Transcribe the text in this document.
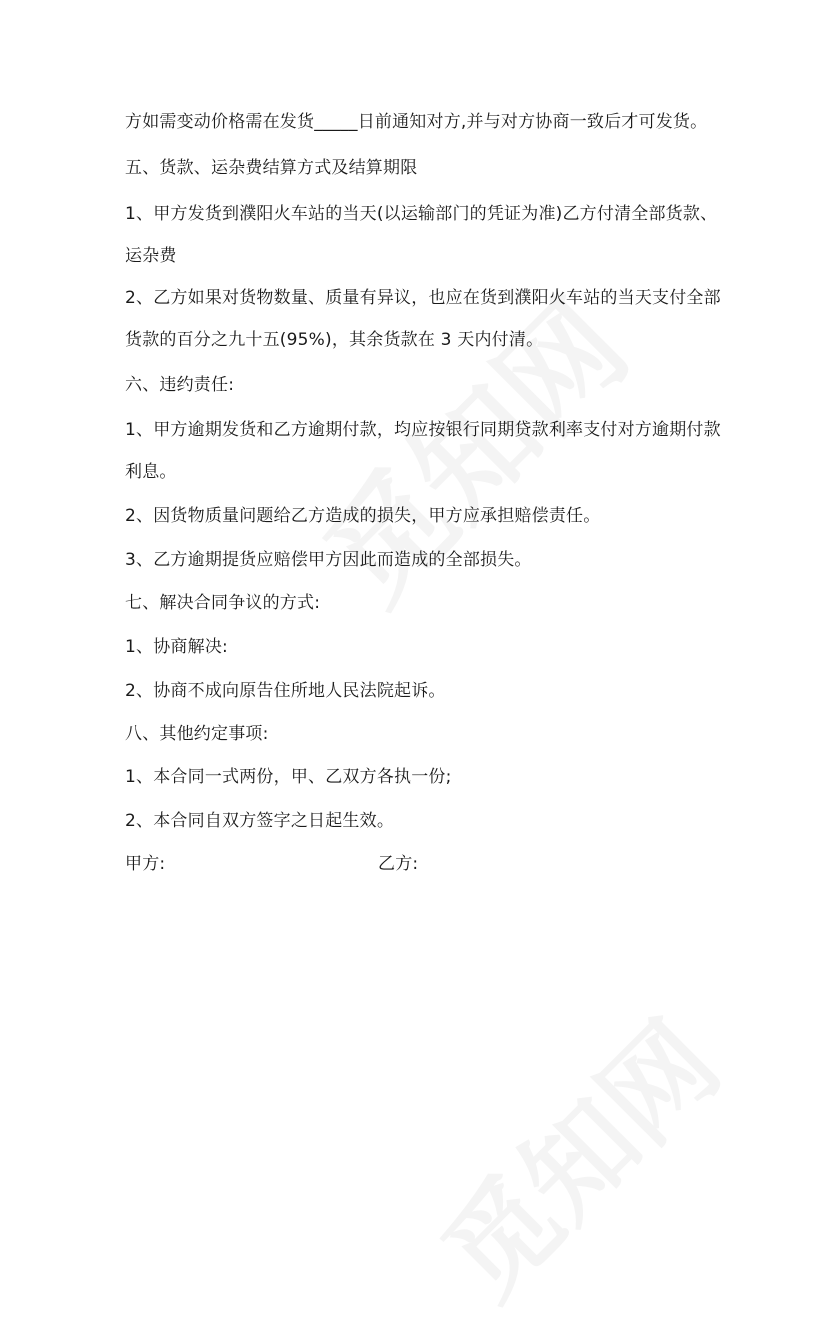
方如需变动价格需在发货_____日前通知对方,并与对方协商一致后才可发货。
五、货款、运杂费结算方式及结算期限
1、甲方发货到濮阳火车站的当天(以运输部门的凭证为准)乙方付清全部货款、
运杂费
2、乙方如果对货物数量、质量有异议，也应在货到濮阳火车站的当天支付全部
货款的百分之九十五(95%)，其余货款在 3 天内付清。
六、违约责任:
1、甲方逾期发货和乙方逾期付款，均应按银行同期贷款利率支付对方逾期付款
利息。
2、因货物质量问题给乙方造成的损失，甲方应承担赔偿责任。
3、乙方逾期提货应赔偿甲方因此而造成的全部损失。
七、解决合同争议的方式:
1、协商解决:
2、协商不成向原告住所地人民法院起诉。
八、其他约定事项:
1、本合同一式两份，甲、乙双方各执一份;
2、本合同自双方签字之日起生效。
甲方:	乙方:
